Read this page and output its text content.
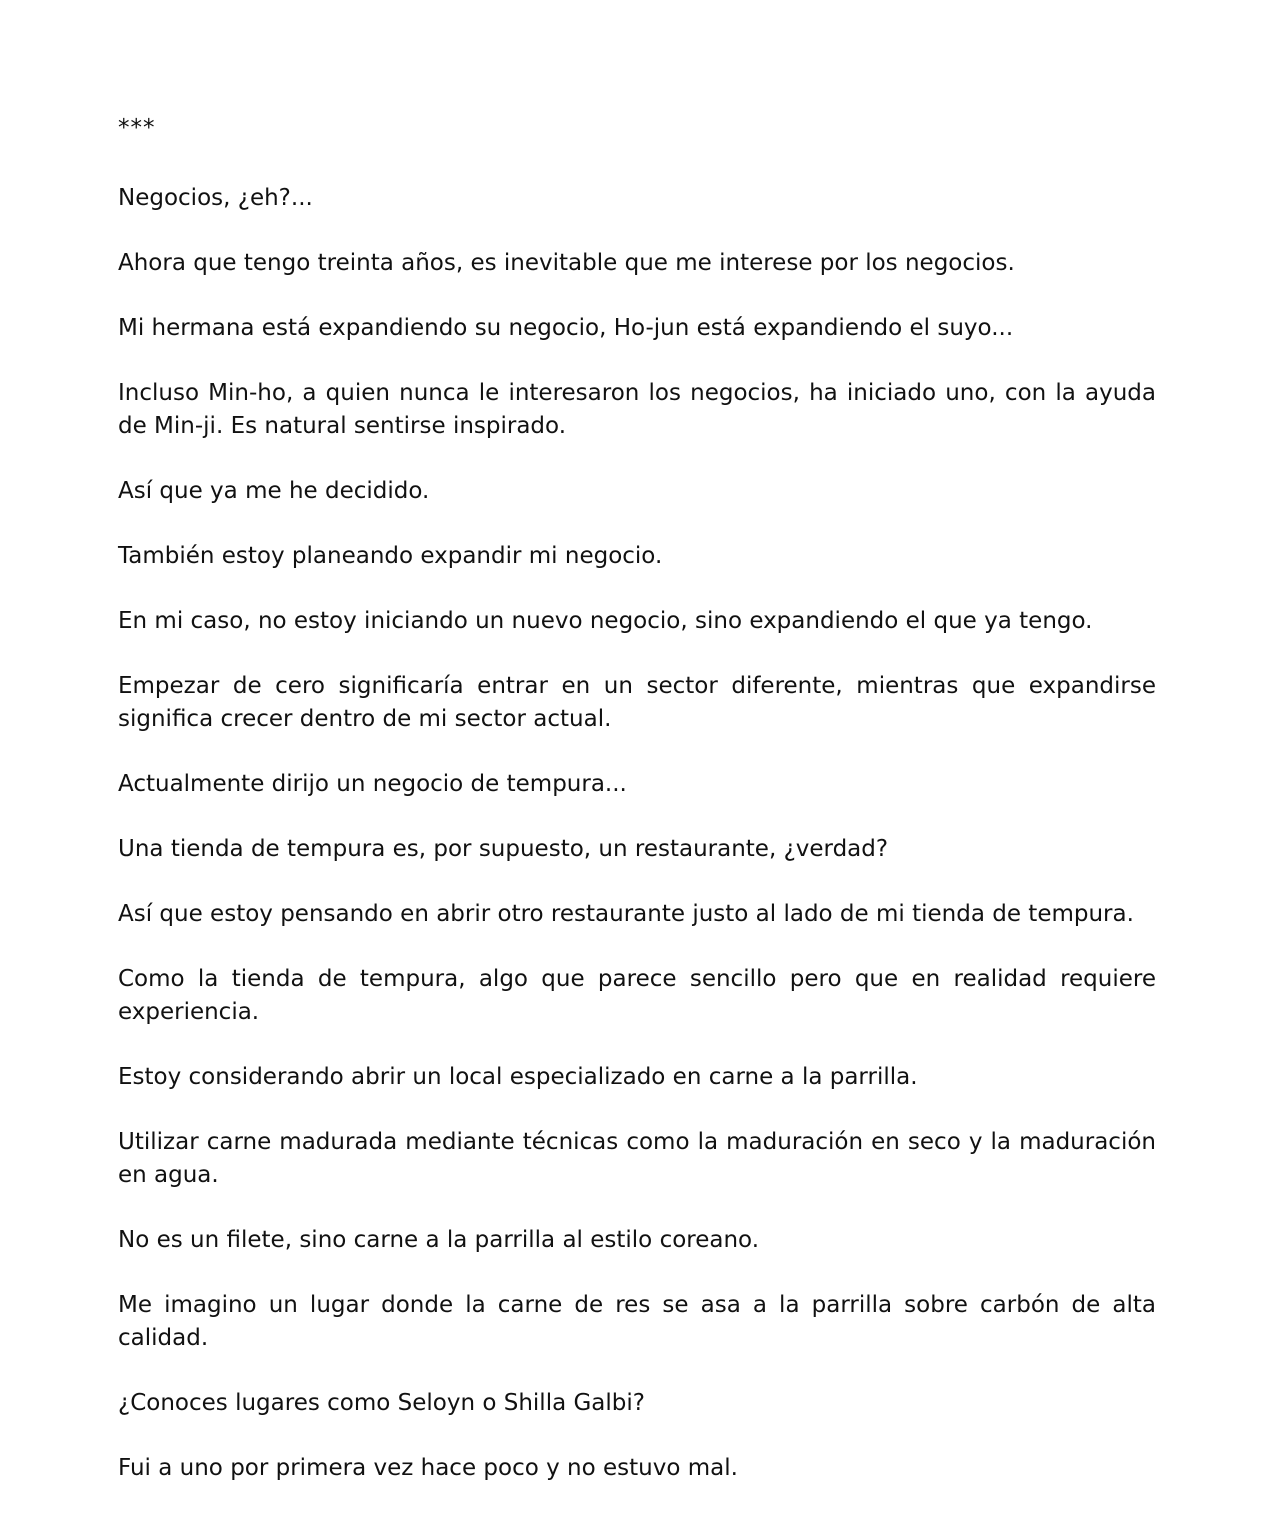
***

Negocios, ¿eh?...

Ahora que tengo treinta años, es inevitable que me interese por los negocios.

Mi hermana está expandiendo su negocio, Ho-jun está expandiendo el suyo...

Incluso Min-ho, a quien nunca le interesaron los negocios, ha iniciado uno, con la ayuda de Min-ji. Es natural sentirse inspirado.

Así que ya me he decidido.

También estoy planeando expandir mi negocio.

En mi caso, no estoy iniciando un nuevo negocio, sino expandiendo el que ya tengo.

Empezar de cero significaría entrar en un sector diferente, mientras que expandirse significa crecer dentro de mi sector actual.

Actualmente dirijo un negocio de tempura...

Una tienda de tempura es, por supuesto, un restaurante, ¿verdad?

Así que estoy pensando en abrir otro restaurante justo al lado de mi tienda de tempura.

Como la tienda de tempura, algo que parece sencillo pero que en realidad requiere experiencia.

Estoy considerando abrir un local especializado en carne a la parrilla.

Utilizar carne madurada mediante técnicas como la maduración en seco y la maduración en agua.

No es un filete, sino carne a la parrilla al estilo coreano.

Me imagino un lugar donde la carne de res se asa a la parrilla sobre carbón de alta calidad.

¿Conoces lugares como Seloyn o Shilla Galbi?

Fui a uno por primera vez hace poco y no estuvo mal.
